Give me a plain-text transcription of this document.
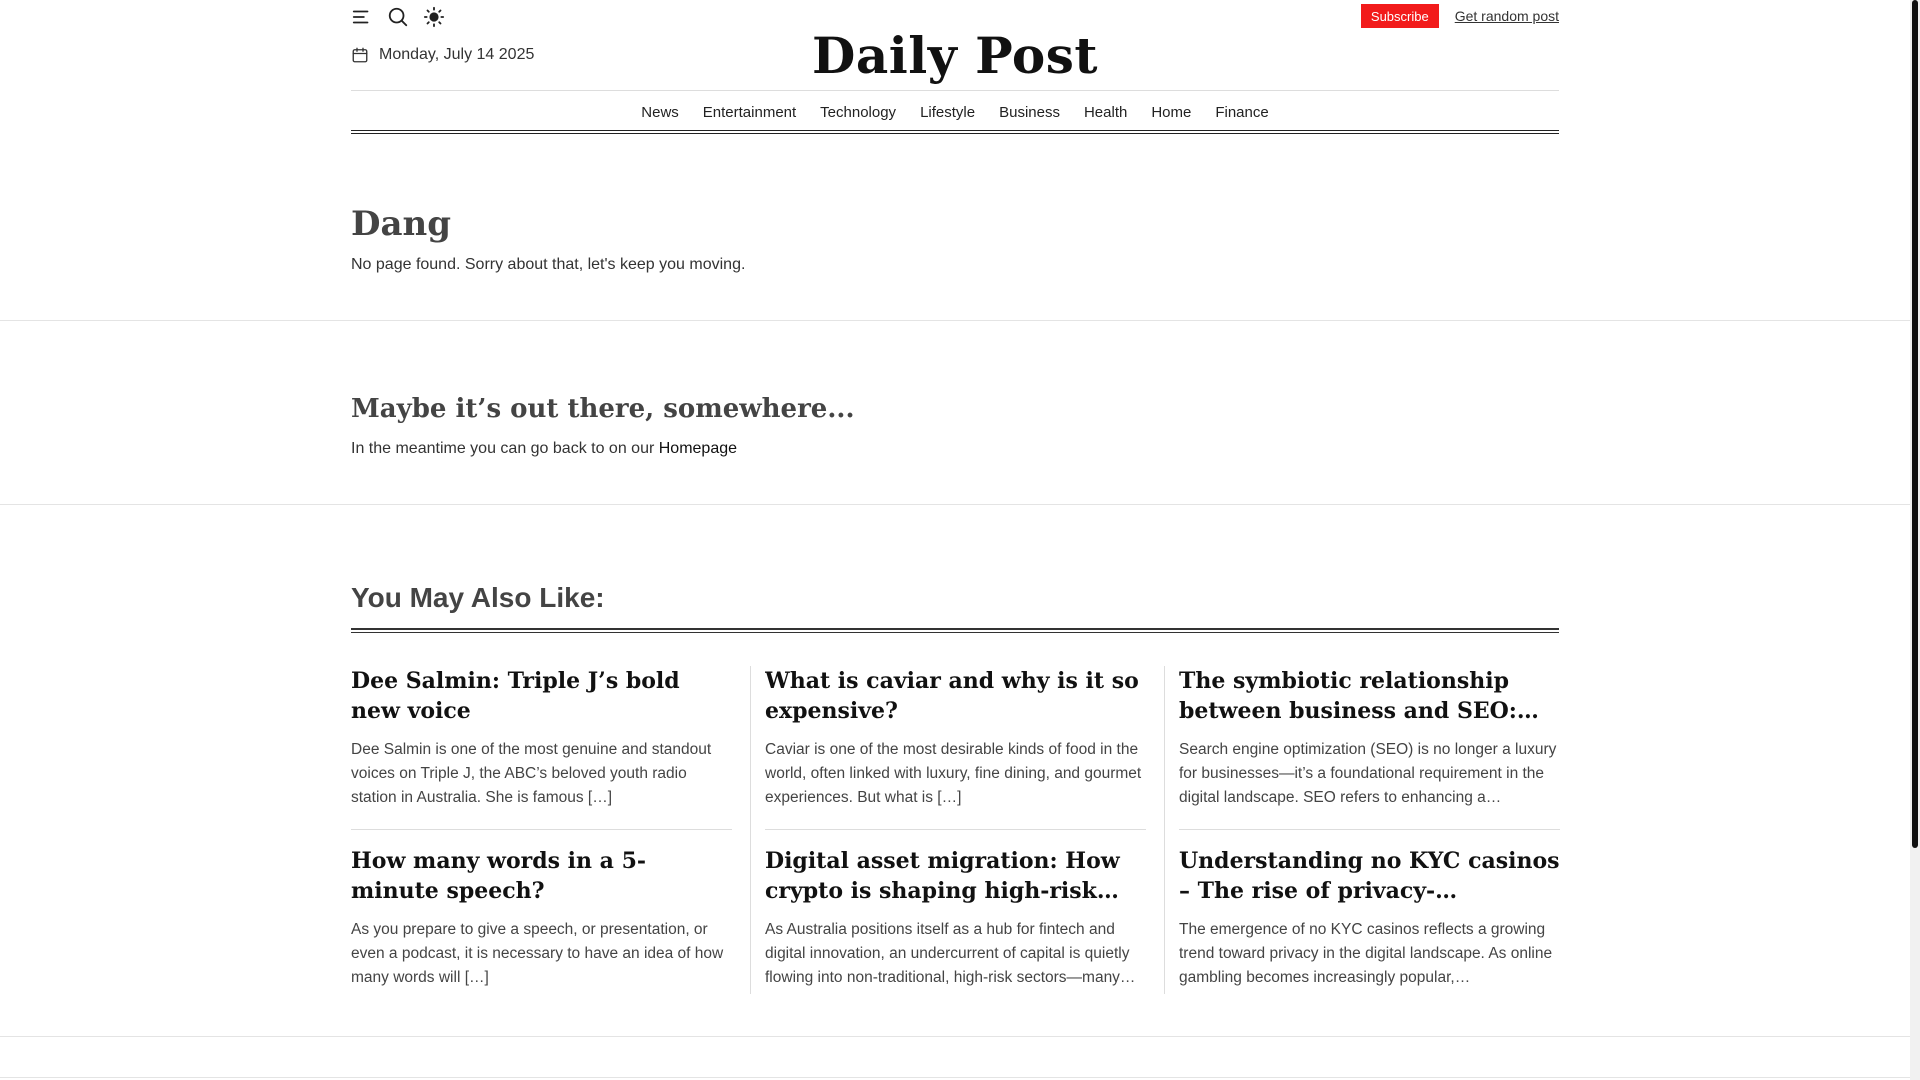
Monday, July 14 2025	Daily Post
Subscribe	Get random post
News	Entertainment	Technology	Lifestyle	Business	Health	Home	Finance
Dang

No page found. Sorry about that, let's keep you moving.

Maybe it’s out there, somewhere...

In the meantime you can go back to on our Homepage

You May Also Like:
Dee Salmin: Triple J’s bold new voice

Dee Salmin is one of the most genuine and standout voices on Triple J, the ABC’s beloved youth radio station in Australia. She is famous […]

What is caviar and why is it so expensive?

Caviar is one of the most desirable kinds of food in the world, often linked with luxury, fine dining, and gourmet experiences. But what is […]

The symbiotic relationship between business and SEO:

Search engine optimization (SEO) is no longer a luxury for businesses—it’s a foundational requirement in the digital landscape. SEO refers to enhancing a…

How many words in a 5-minute speech?

As you prepare to give a speech, or presentation, or even a podcast, it is necessary to have an idea of how many words will […]

Digital asset migration: How crypto is shaping high-risk…

As Australia positions itself as a hub for fintech and digital innovation, an undercurrent of capital is quietly flowing into non-traditional, high-risk sectors—many…

Understanding no KYC casinos – The rise of privacy-

The emergence of no KYC casinos reflects a growing trend toward privacy in the digital landscape. As online gambling becomes increasingly popular,…
